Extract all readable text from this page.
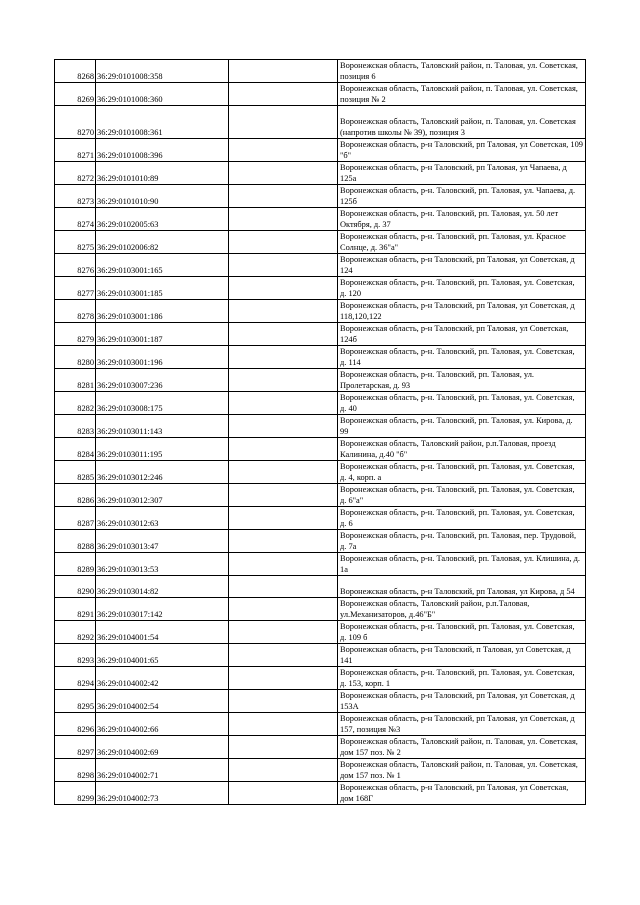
8268	36:29:0101008:358		Воронежская область, Таловский район, п. Таловая, ул. Советская, позиция 6
8269	36:29:0101008:360		Воронежская область, Таловский район, п. Таловая, ул. Советская, позиция № 2
8270	36:29:0101008:361		Воронежская область, Таловский район, п. Таловая, ул. Советская (напротив школы № 39), позиция 3
8271	36:29:0101008:396		Воронежская область, р-н Таловский, рп Таловая, ул Советская, 109 "б"
8272	36:29:0101010:89		Воронежская область, р-н Таловский, рп Таловая, ул Чапаева, д 125а
8273	36:29:0101010:90		Воронежская область, р-н. Таловский, рп. Таловая, ул. Чапаева, д. 125б
8274	36:29:0102005:63		Воронежская область, р-н. Таловский, рп. Таловая, ул. 50 лет Октября, д. 37
8275	36:29:0102006:82		Воронежская область, р-н. Таловский, рп. Таловая, ул. Красное Солнце, д. 36"а"
8276	36:29:0103001:165		Воронежская область, р-н Таловский, рп Таловая, ул Советская, д 124
8277	36:29:0103001:185		Воронежская область, р-н. Таловский, рп. Таловая, ул. Советская, д. 120
8278	36:29:0103001:186		Воронежская область, р-н Таловский, рп Таловая, ул Советская, д 118,120,122
8279	36:29:0103001:187		Воронежская область, р-н Таловский, рп Таловая, ул Советская, 124б
8280	36:29:0103001:196		Воронежская область, р-н. Таловский, рп. Таловая, ул. Советская, д. 114
8281	36:29:0103007:236		Воронежская область, р-н. Таловский, рп. Таловая, ул. Пролетарская, д. 93
8282	36:29:0103008:175		Воронежская область, р-н. Таловский, рп. Таловая, ул. Советская, д. 40
8283	36:29:0103011:143		Воронежская область, р-н. Таловский, рп. Таловая, ул. Кирова, д. 99
8284	36:29:0103011:195		Воронежская область, Таловский район, р.п.Таловая, проезд Калинина, д.40 "б"
8285	36:29:0103012:246		Воронежская область, р-н. Таловский, рп. Таловая, ул. Советская, д. 4, корп. а
8286	36:29:0103012:307		Воронежская область, р-н. Таловский, рп. Таловая, ул. Советская, д. 6"а"
8287	36:29:0103012:63		Воронежская область, р-н. Таловский, рп. Таловая, ул. Советская, д. 6
8288	36:29:0103013:47		Воронежская область, р-н. Таловский, рп. Таловая, пер. Трудовой, д. 7а
8289	36:29:0103013:53		Воронежская область, р-н. Таловский, рп. Таловая, ул. Клишина, д. 1а
8290	36:29:0103014:82		Воронежская область, р-н Таловский, рп Таловая, ул Кирова, д 54
8291	36:29:0103017:142		Воронежская область, Таловский район, р.п.Таловая, ул.Механизаторов, д.46"Б"
8292	36:29:0104001:54		Воронежская область, р-н. Таловский, рп. Таловая, ул. Советская, д. 109 б
8293	36:29:0104001:65		Воронежская область, р-н Таловский, п Таловая, ул Советская, д 141
8294	36:29:0104002:42		Воронежская область, р-н. Таловский, рп. Таловая, ул. Советская, д. 153, корп. 1
8295	36:29:0104002:54		Воронежская область, р-н Таловский, рп Таловая, ул Советская, д 153А
8296	36:29:0104002:66		Воронежская область, р-н Таловский, рп Таловая, ул Советская, д 157, позиция №3
8297	36:29:0104002:69		Воронежская область, Таловский район, п. Таловая, ул. Советская, дом 157 поз. № 2
8298	36:29:0104002:71		Воронежская область, Таловский район, п. Таловая, ул. Советская, дом 157 поз. № 1
8299	36:29:0104002:73		Воронежская область, р-н Таловский, рп Таловая, ул Советская, дом 168Г
